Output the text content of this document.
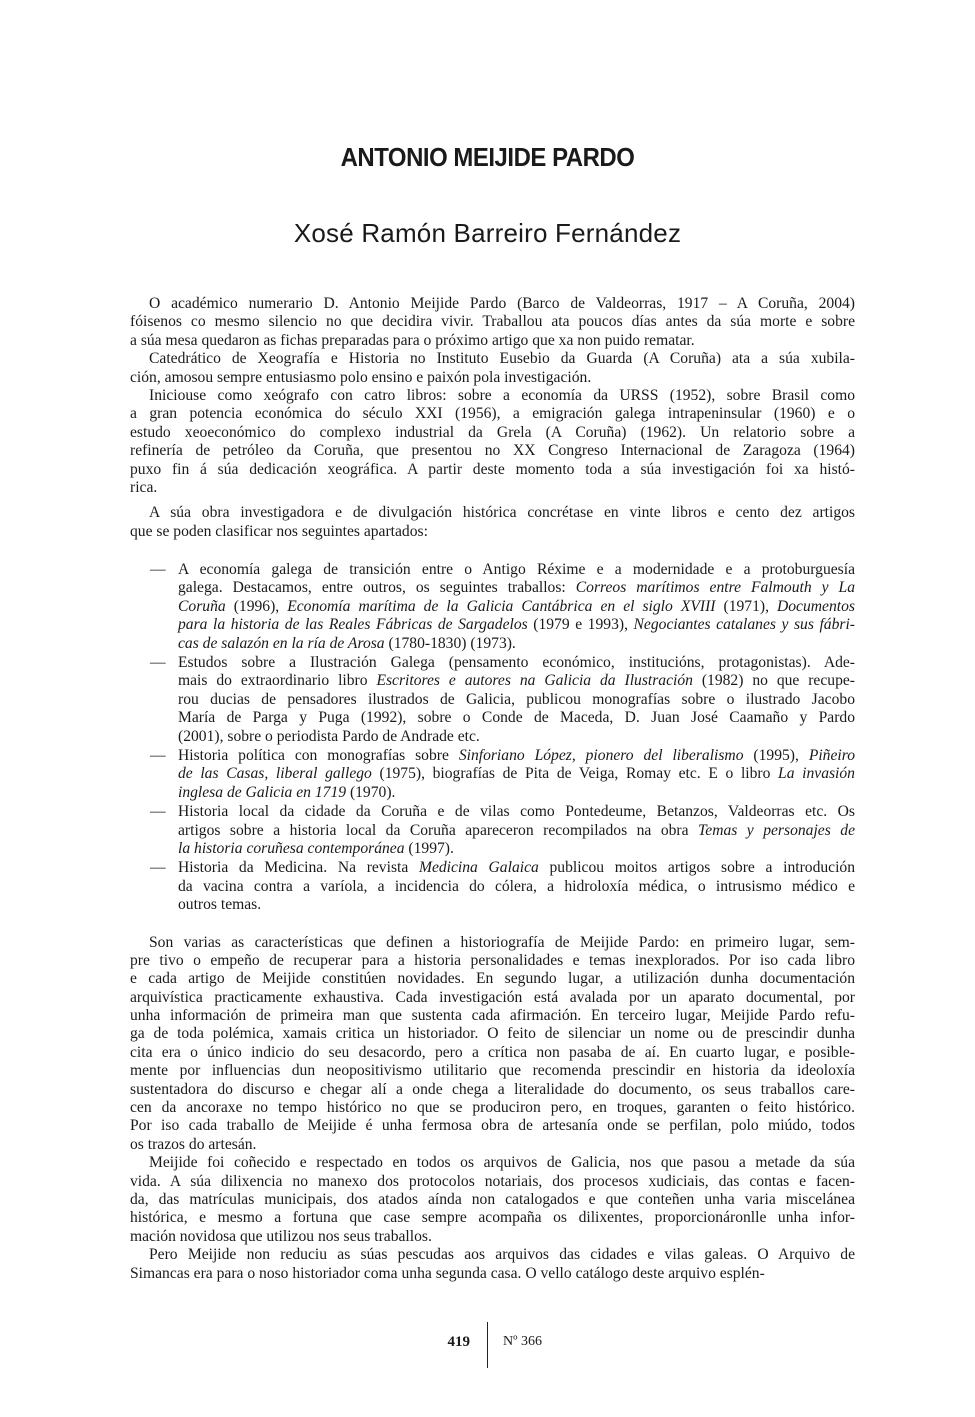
ANTONIO MEIJIDE PARDO
Xosé Ramón Barreiro Fernández
O académico numerario D. Antonio Meijide Pardo (Barco de Valdeorras, 1917 – A Coruña, 2004)
fóisenos co mesmo silencio no que decidira vivir. Traballou ata poucos días antes da súa morte e sobre
a súa mesa quedaron as fichas preparadas para o próximo artigo que xa non puido rematar.
Catedrático de Xeografía e Historia no Instituto Eusebio da Guarda (A Coruña) ata a súa xubila-
ción, amosou sempre entusiasmo polo ensino e paixón pola investigación.
Iniciouse como xeógrafo con catro libros: sobre a economía da URSS (1952), sobre Brasil como
a gran potencia económica do século XXI (1956), a emigración galega intrapeninsular (1960) e o
estudo xeoeconómico do complexo industrial da Grela (A Coruña) (1962). Un relatorio sobre a
refinería de petróleo da Coruña, que presentou no XX Congreso Internacional de Zaragoza (1964)
puxo fin á súa dedicación xeográfica. A partir deste momento toda a súa investigación foi xa histó-
rica.
A súa obra investigadora e de divulgación histórica concrétase en vinte libros e cento dez artigos
que se poden clasificar nos seguintes apartados:
— A economía galega de transición entre o Antigo Réxime e a modernidade e a protoburguesía
galega. Destacamos, entre outros, os seguintes traballos: Correos marítimos entre Falmouth y La
Coruña (1996), Economía marítima de la Galicia Cantábrica en el siglo XVIII (1971), Documentos
para la historia de las Reales Fábricas de Sargadelos (1979 e 1993), Negociantes catalanes y sus fábri-
cas de salazón en la ría de Arosa (1780-1830) (1973).
— Estudos sobre a Ilustración Galega (pensamento económico, institucións, protagonistas). Ade-
mais do extraordinario libro Escritores e autores na Galicia da Ilustración (1982) no que recupe-
rou ducias de pensadores ilustrados de Galicia, publicou monografías sobre o ilustrado Jacobo
María de Parga y Puga (1992), sobre o Conde de Maceda, D. Juan José Caamaño y Pardo
(2001), sobre o periodista Pardo de Andrade etc.
— Historia política con monografías sobre Sinforiano López, pionero del liberalismo (1995), Piñeiro
de las Casas, liberal gallego (1975), biografías de Pita de Veiga, Romay etc. E o libro La invasión
inglesa de Galicia en 1719 (1970).
— Historia local da cidade da Coruña e de vilas como Pontedeume, Betanzos, Valdeorras etc. Os
artigos sobre a historia local da Coruña apareceron recompilados na obra Temas y personajes de
la historia coruñesa contemporánea (1997).
— Historia da Medicina. Na revista Medicina Galaica publicou moitos artigos sobre a introdución
da vacina contra a varíola, a incidencia do cólera, a hidroloxía médica, o intrusismo médico e
outros temas.
Son varias as características que definen a historiografía de Meijide Pardo: en primeiro lugar, sem-
pre tivo o empeño de recuperar para a historia personalidades e temas inexplorados. Por iso cada libro
e cada artigo de Meijide constitúen novidades. En segundo lugar, a utilización dunha documentación
arquivística practicamente exhaustiva. Cada investigación está avalada por un aparato documental, por
unha información de primeira man que sustenta cada afirmación. En terceiro lugar, Meijide Pardo refu-
ga de toda polémica, xamais critica un historiador. O feito de silenciar un nome ou de prescindir dunha
cita era o único indicio do seu desacordo, pero a crítica non pasaba de aí. En cuarto lugar, e posible-
mente por influencias dun neopositivismo utilitario que recomenda prescindir en historia da ideoloxía
sustentadora do discurso e chegar alí a onde chega a literalidade do documento, os seus traballos care-
cen da ancoraxe no tempo histórico no que se produciron pero, en troques, garanten o feito histórico.
Por iso cada traballo de Meijide é unha fermosa obra de artesanía onde se perfilan, polo miúdo, todos
os trazos do artesán.
Meijide foi coñecido e respectado en todos os arquivos de Galicia, nos que pasou a metade da súa
vida. A súa dilixencia no manexo dos protocolos notariais, dos procesos xudiciais, das contas e facen-
da, das matrículas municipais, dos atados aínda non catalogados e que conteñen unha varia miscelánea
histórica, e mesmo a fortuna que case sempre acompaña os dilixentes, proporcionáronlle unha infor-
mación novidosa que utilizou nos seus traballos.
Pero Meijide non reduciu as súas pescudas aos arquivos das cidades e vilas galeas. O Arquivo de
Simancas era para o noso historiador coma unha segunda casa. O vello catálogo deste arquivo esplén-
419 Nº 366
